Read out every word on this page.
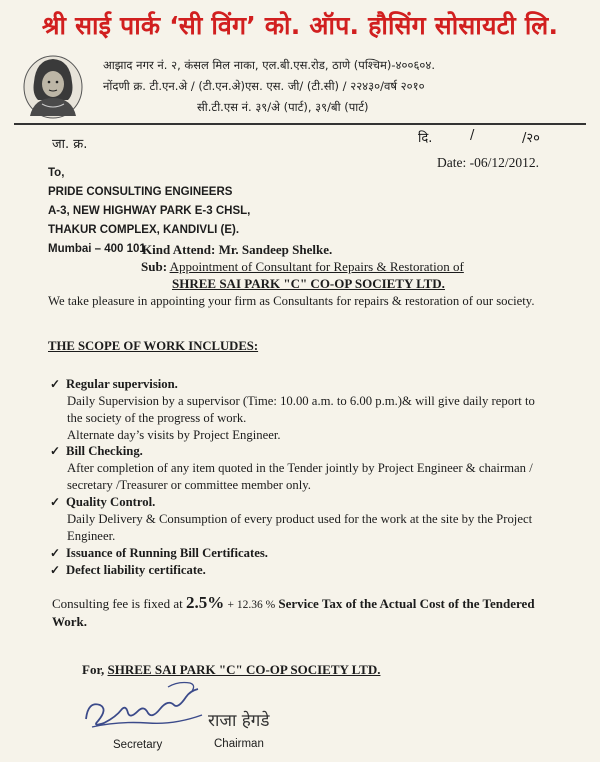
श्री साई पार्क ‘सी विंग’ को. ऑप. हौसिंग सोसायटी लि.
आझाद नगर नं. २, कंसल मिल नाका, एल.बी.एस.रोड, ठाणे (पश्चिम)-४००६०४.
नोंदणी क्र. टी.एन.अे / (टी.एन.अे)एस. एस. जी/ (टी.सी) / २२४३०/वर्ष २०१०
सी.टी.एस नं. ३९/अे (पार्ट), ३९/बी (पार्ट)
जा. क्र.	दि.	/	/२०
Date: -06/12/2012.
To,
PRIDE CONSULTING ENGINEERS
A-3, NEW HIGHWAY PARK E-3 CHSL,
THAKUR COMPLEX, KANDIVLI (E).
Mumbai – 400 101
Kind Attend: Mr. Sandeep Shelke.
Sub: Appointment of Consultant for Repairs & Restoration of
SHREE SAI PARK "C" CO-OP SOCIETY LTD.
We take pleasure in appointing your firm as Consultants for repairs & restoration of our society.
THE SCOPE OF WORK INCLUDES:
✓ Regular supervision.
Daily Supervision by a supervisor (Time: 10.00 a.m. to 6.00 p.m.)& will give daily report to
the society of the progress of work.
Alternate day’s visits by Project Engineer.
✓ Bill Checking.
After completion of any item quoted in the Tender jointly by Project Engineer & chairman /
secretary /Treasurer or committee member only.
✓ Quality Control.
Daily Delivery & Consumption of every product used for the work at the site by the Project
Engineer.
✓ Issuance of Running Bill Certificates.
✓ Defect liability certificate.
Consulting fee is fixed at 2.5% + 12.36 % Service Tax of the Actual Cost of the Tendered
Work.
For, SHREE SAI PARK "C" CO-OP SOCIETY LTD.
राजा हेगडे
Secretary	Chairman
